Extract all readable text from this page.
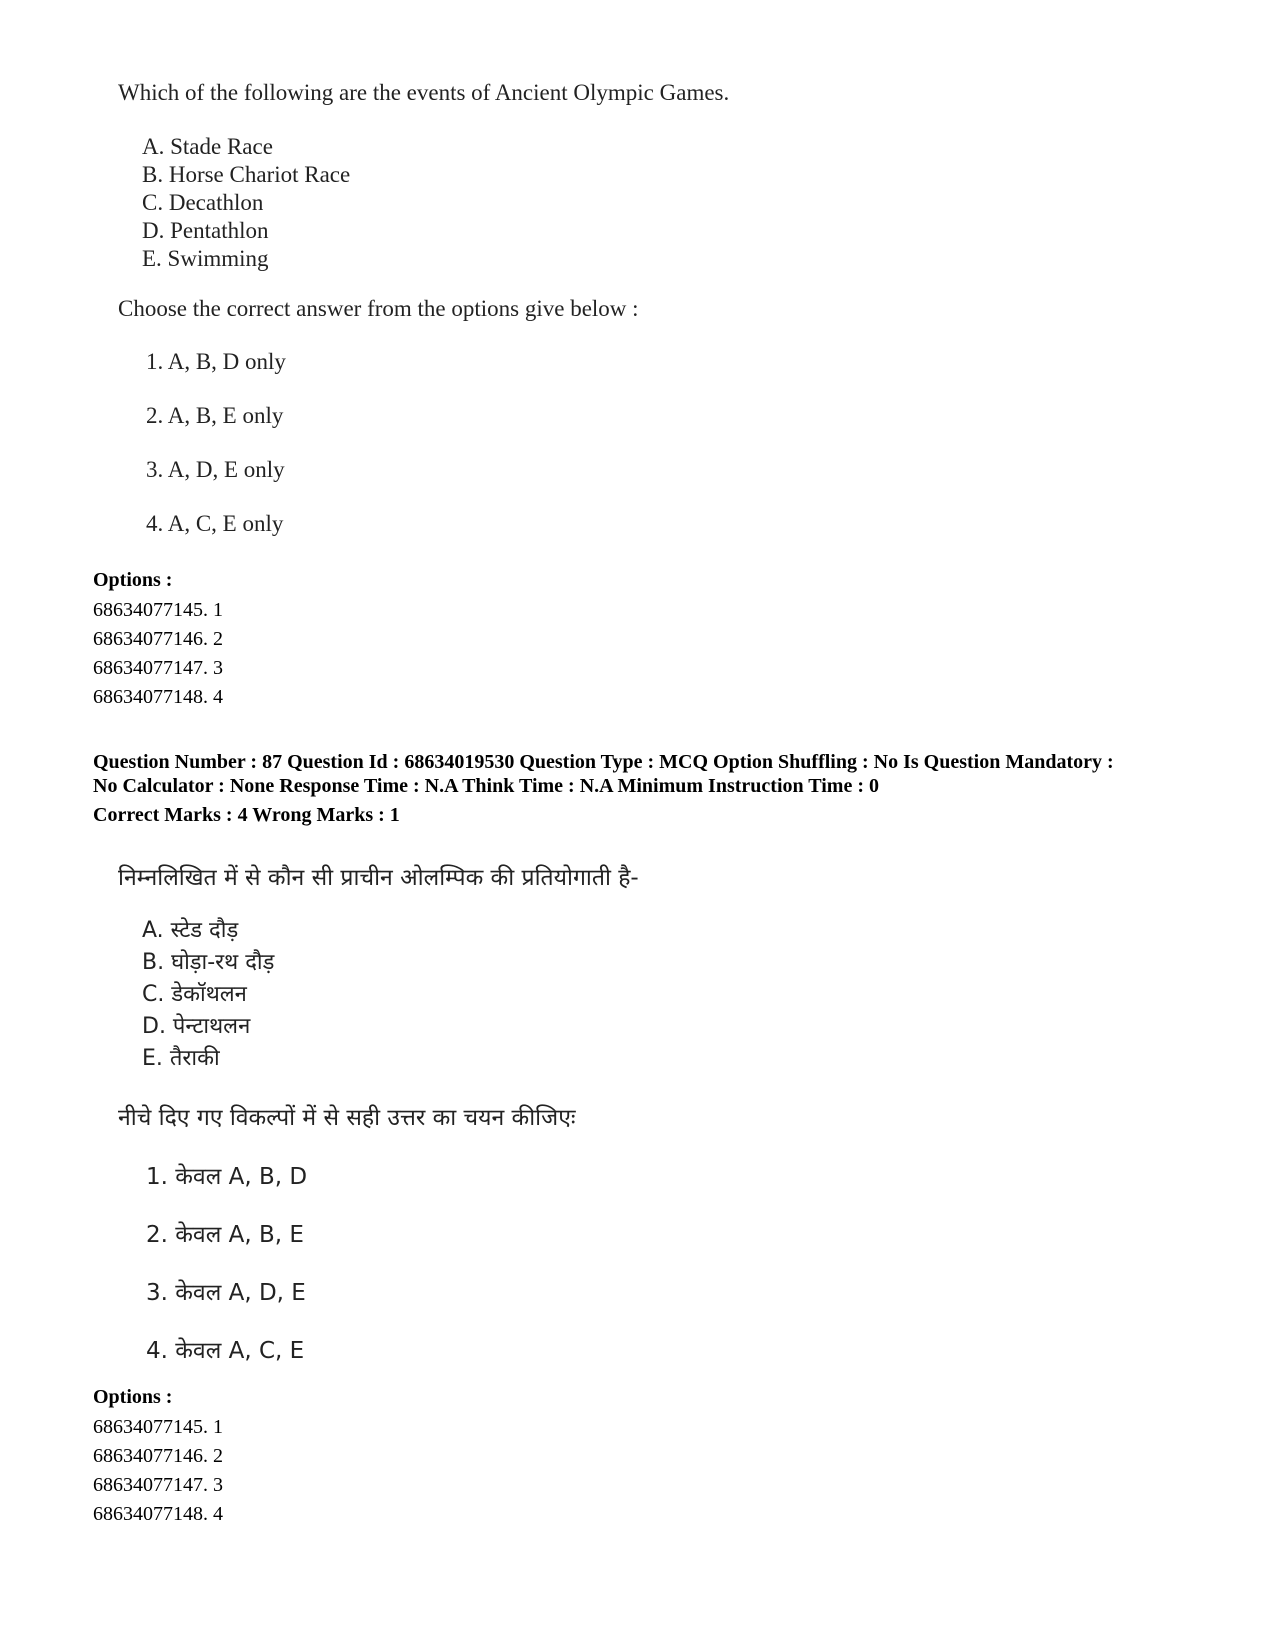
Which of the following are the events of Ancient Olympic Games.
A. Stade Race
B. Horse Chariot Race
C. Decathlon
D. Pentathlon
E. Swimming
Choose the correct answer from the options give below :
1. A, B, D only
2. A, B, E only
3. A, D, E only
4. A, C, E only
Options :
68634077145. 1
68634077146. 2
68634077147. 3
68634077148. 4
Question Number : 87 Question Id : 68634019530 Question Type : MCQ Option Shuffling : No Is Question Mandatory :
No Calculator : None Response Time : N.A Think Time : N.A Minimum Instruction Time : 0
Correct Marks : 4 Wrong Marks : 1
निम्नलिखित में से कौन सी प्राचीन ओलम्पिक की प्रतियोगाती है-
A. स्टेड दौड़
B. घोड़ा-रथ दौड़
C. डेकॉथलन
D. पेन्टाथलन
E. तैराकी
नीचे दिए गए विकल्पों में से सही उत्तर का चयन कीजिएः
1. केवल A, B, D
2. केवल A, B, E
3. केवल A, D, E
4. केवल A, C, E
Options :
68634077145. 1
68634077146. 2
68634077147. 3
68634077148. 4
